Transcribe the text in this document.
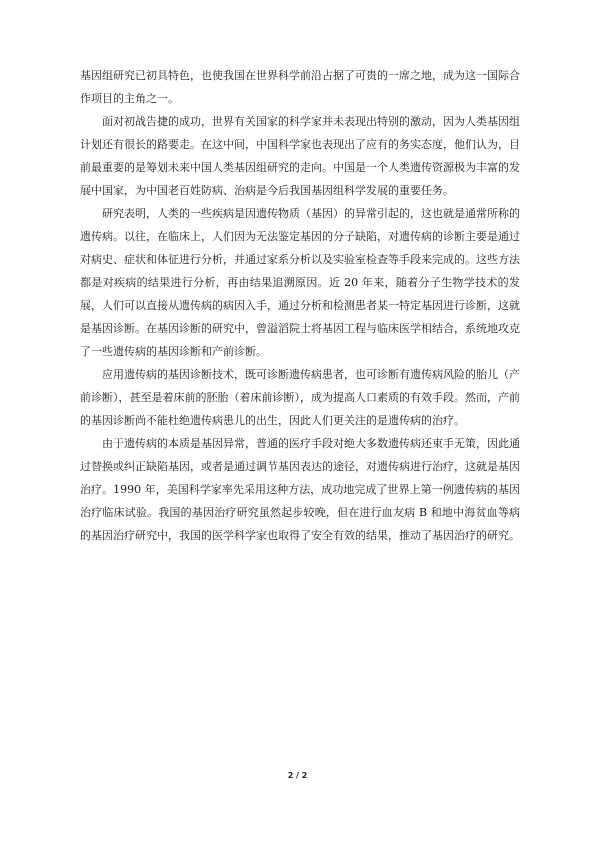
基因组研究已初具特色，也使我国在世界科学前沿占据了可贵的一席之地，成为这一国际合作项目的主角之一。

面对初战告捷的成功，世界有关国家的科学家并未表现出特别的激动，因为人类基因组计划还有很长的路要走。在这中间，中国科学家也表现出了应有的务实态度，他们认为，目前最重要的是筹划未来中国人类基因组研究的走向。中国是一个人类遗传资源极为丰富的发展中国家，为中国老百姓防病、治病是今后我国基因组科学发展的重要任务。

研究表明，人类的一些疾病是因遗传物质（基因）的异常引起的，这也就是通常所称的遗传病。以往，在临床上，人们因为无法鉴定基因的分子缺陷，对遗传病的诊断主要是通过对病史、症状和体征进行分析，并通过家系分析以及实验室检查等手段来完成的。这些方法都是对疾病的结果进行分析，再由结果追溯原因。近 20 年来，随着分子生物学技术的发展，人们可以直接从遗传病的病因入手，通过分析和检测患者某一特定基因进行诊断，这就是基因诊断。在基因诊断的研究中，曾溢滔院士将基因工程与临床医学相结合，系统地攻克了一些遗传病的基因诊断和产前诊断。

应用遗传病的基因诊断技术，既可诊断遗传病患者，也可诊断有遗传病风险的胎儿（产前诊断），甚至是着床前的胚胎（着床前诊断），成为提高人口素质的有效手段。然而，产前的基因诊断尚不能杜绝遗传病患儿的出生，因此人们更关注的是遗传病的治疗。

由于遗传病的本质是基因异常，普通的医疗手段对绝大多数遗传病还束手无策，因此通过替换或纠正缺陷基因，或者是通过调节基因表达的途径，对遗传病进行治疗，这就是基因治疗。1990 年，美国科学家率先采用这种方法，成功地完成了世界上第一例遗传病的基因治疗临床试验。我国的基因治疗研究虽然起步较晚，但在进行血友病 B 和地中海贫血等病的基因治疗研究中，我国的医学科学家也取得了安全有效的结果，推动了基因治疗的研究。

2 / 2
